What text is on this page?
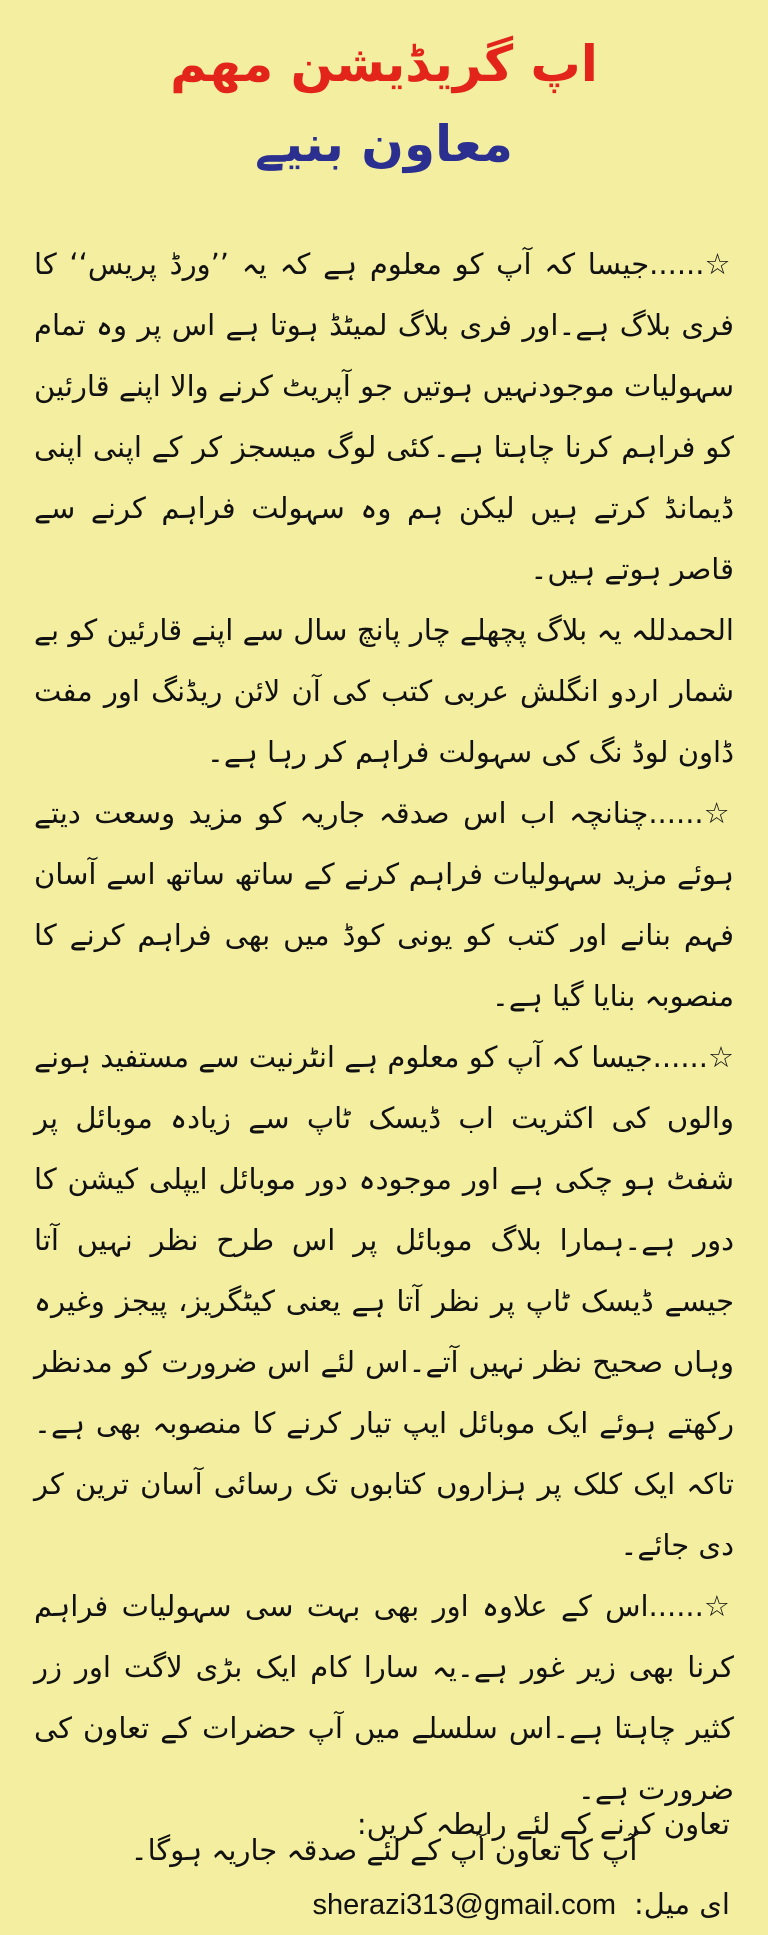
اپ گریڈیشن مھم
معاون بنیے

☆......جیسا کہ آپ کو معلوم ہے کہ یہ ’’ورڈ پریس‘‘ کا فری بلاگ ہے۔اور فری بلاگ لمیٹڈ ہوتا ہے اس پر وہ تمام سہولیات موجودنہیں ہوتیں جو آپریٹ کرنے والا اپنے قارئین کو فراہم کرنا چاہتا ہے۔کئی لوگ میسجز کر کے اپنی اپنی ڈیمانڈ کرتے ہیں لیکن ہم وہ سہولت فراہم کرنے سے قاصر ہوتے ہیں۔

الحمدللہ یہ بلاگ پچھلے چار پانچ سال سے اپنے قارئین کو بے شمار اردو انگلش عربی کتب کی آن لائن ریڈنگ اور مفت ڈاون لوڈ نگ کی سہولت فراہم کر رہا ہے۔

☆......چنانچہ اب اس صدقہ جاریہ کو مزید وسعت دیتے ہوئے مزید سہولیات فراہم کرنے کے ساتھ ساتھ اسے آسان فہم بنانے اور کتب کو یونی کوڈ میں بھی فراہم کرنے کا منصوبہ بنایا گیا ہے۔

☆......جیسا کہ آپ کو معلوم ہے انٹرنیت سے مستفید ہونے والوں کی اکثریت اب ڈیسک ٹاپ سے زیادہ موبائل پر شفٹ ہو چکی ہے اور موجودہ دور موبائل ایپلی کیشن کا دور ہے۔ہمارا بلاگ موبائل پر اس طرح نظر نہیں آتا جیسے ڈیسک ٹاپ پر نظر آتا ہے یعنی کیٹگریز، پیجز وغیرہ وہاں صحیح نظر نہیں آتے۔اس لئے اس ضرورت کو مدنظر رکھتے ہوئے ایک موبائل ایپ تیار کرنے کا منصوبہ بھی ہے۔تاکہ ایک کلک پر ہزاروں کتابوں تک رسائی آسان ترین کر دی جائے۔

☆......اس کے علاوہ اور بھی بہت سی سہولیات فراہم کرنا بھی زیر غور ہے۔یہ سارا کام ایک بڑی لاگت اور زر کثیر چاہتا ہے۔اس سلسلے میں آپ حضرات کے تعاون کی ضرورت ہے۔

آپ کا تعاون آپ کے لئے صدقہ جاریہ ہوگا۔

تعاون کرنے کے لئے رابطہ کریں:
ای میل:sherazi313@gmail.com
